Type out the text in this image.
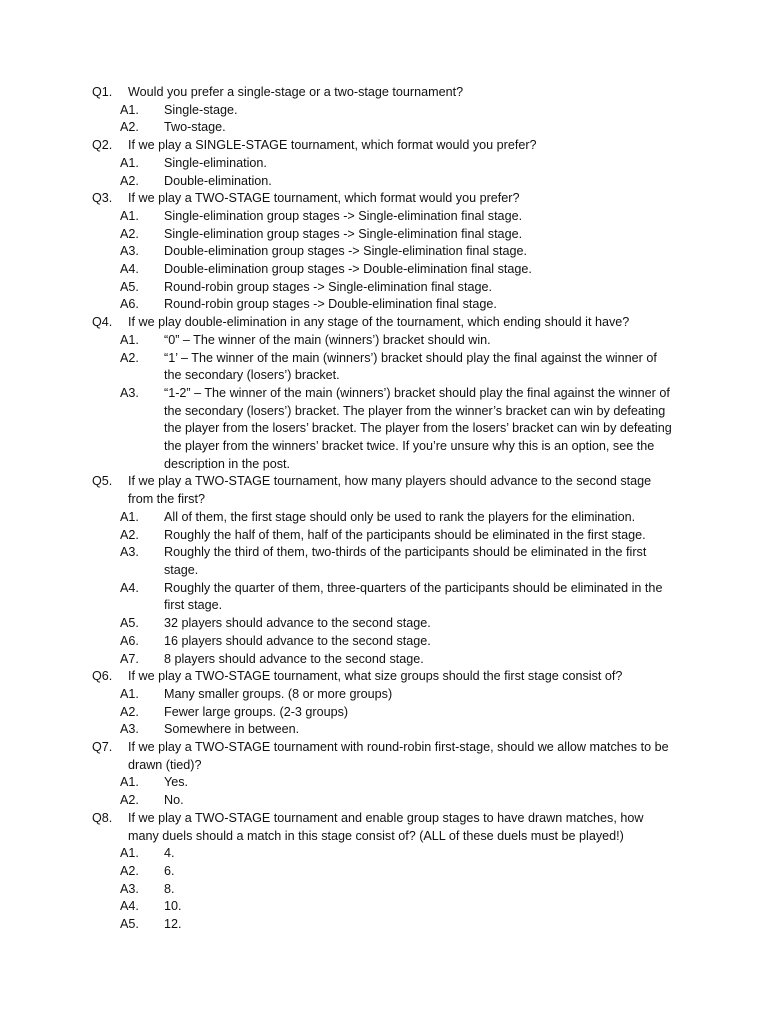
Q1.	Would you prefer a single-stage or a two-stage tournament?
A1.	Single-stage.
A2.	Two-stage.
Q2.	If we play a SINGLE-STAGE tournament, which format would you prefer?
A1.	Single-elimination.
A2.	Double-elimination.
Q3.	If we play a TWO-STAGE tournament, which format would you prefer?
A1.	Single-elimination group stages -> Single-elimination final stage.
A2.	Single-elimination group stages -> Single-elimination final stage.
A3.	Double-elimination group stages -> Single-elimination final stage.
A4.	Double-elimination group stages -> Double-elimination final stage.
A5.	Round-robin group stages -> Single-elimination final stage.
A6.	Round-robin group stages -> Double-elimination final stage.
Q4.	If we play double-elimination in any stage of the tournament, which ending should it have?
A1.	“0” – The winner of the main (winners’) bracket should win.
A2.	“1’ – The winner of the main (winners’) bracket should play the final against the winner of the secondary (losers’) bracket.
A3.	“1-2” – The winner of the main (winners’) bracket should play the final against the winner of the secondary (losers’) bracket. The player from the winner’s bracket can win by defeating the player from the losers’ bracket. The player from the losers’ bracket can win by defeating the player from the winners’ bracket twice. If you’re unsure why this is an option, see the description in the post.
Q5.	If we play a TWO-STAGE tournament, how many players should advance to the second stage from the first?
A1.	All of them, the first stage should only be used to rank the players for the elimination.
A2.	Roughly the half of them, half of the participants should be eliminated in the first stage.
A3.	Roughly the third of them, two-thirds of the participants should be eliminated in the first stage.
A4.	Roughly the quarter of them, three-quarters of the participants should be eliminated in the first stage.
A5.	32 players should advance to the second stage.
A6.	16 players should advance to the second stage.
A7.	8 players should advance to the second stage.
Q6.	If we play a TWO-STAGE tournament, what size groups should the first stage consist of?
A1.	Many smaller groups. (8 or more groups)
A2.	Fewer large groups. (2-3 groups)
A3.	Somewhere in between.
Q7.	If we play a TWO-STAGE tournament with round-robin first-stage, should we allow matches to be drawn (tied)?
A1.	Yes.
A2.	No.
Q8.	If we play a TWO-STAGE tournament and enable group stages to have drawn matches, how many duels should a match in this stage consist of? (ALL of these duels must be played!)
A1.	4.
A2.	6.
A3.	8.
A4.	10.
A5.	12.
